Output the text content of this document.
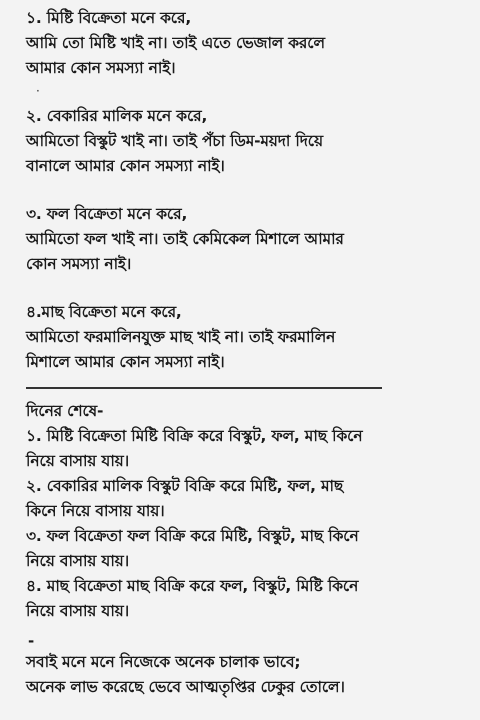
১. মিষ্টি বিক্রেতা মনে করে,
আমি তো মিষ্টি খাই না। তাই এতে ভেজাল করলে
আমার কোন সমস্যা নাই।
·
২. বেকারির মালিক মনে করে,
আমিতো বিস্কুট খাই না। তাই পঁচা ডিম-ময়দা দিয়ে
বানালে আমার কোন সমস্যা নাই।
৩. ফল বিক্রেতা মনে করে,
আমিতো ফল খাই না। তাই কেমিকেল মিশালে আমার
কোন সমস্যা নাই।
৪.মাছ বিক্রেতা মনে করে,
আমিতো ফরমালিনযুক্ত মাছ খাই না। তাই ফরমালিন
মিশালে আমার কোন সমস্যা নাই।
দিনের শেষে-
১. মিষ্টি বিক্রেতা মিষ্টি বিক্রি করে বিস্কুট, ফল, মাছ কিনে
নিয়ে বাসায় যায়।
২. বেকারির মালিক বিস্কুট বিক্রি করে মিষ্টি, ফল, মাছ
কিনে নিয়ে বাসায় যায়।
৩. ফল বিক্রেতা ফল বিক্রি করে মিষ্টি, বিস্কুট, মাছ কিনে
নিয়ে বাসায় যায়।
৪. মাছ বিক্রেতা মাছ বিক্রি করে ফল, বিস্কুট, মিষ্টি কিনে
নিয়ে বাসায় যায়।
-
সবাই মনে মনে নিজেকে অনেক চালাক ভাবে;
অনেক লাভ করেছে ভেবে আত্মতৃপ্তির ঢেকুর তোলে।
